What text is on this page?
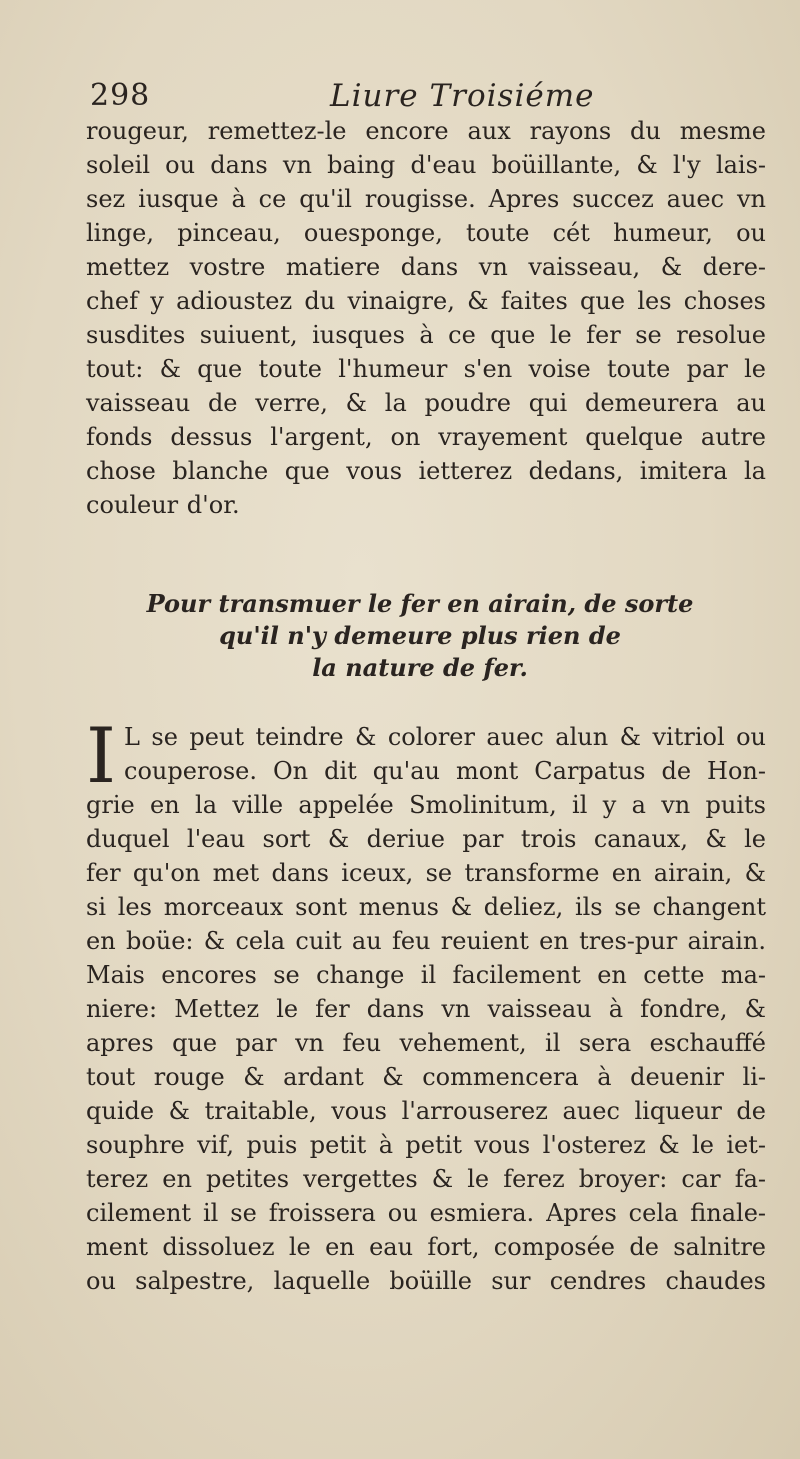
298	Liure Troisiéme
rougeur, remettez-le encore aux rayons du mesme
soleil ou dans vn baing d'eau boüillante, & l'y lais-
sez iusque à ce qu'il rougisse. Apres succez auec vn
linge, pinceau, ouesponge, toute cét humeur, ou
mettez vostre matiere dans vn vaisseau, & dere-
chef y adioustez du vinaigre, & faites que les choses
susdites suiuent, iusques à ce que le fer se resolue
tout: & que toute l'humeur s'en voise toute par le
vaisseau de verre, & la poudre qui demeurera au
fonds dessus l'argent, on vrayement quelque autre
chose blanche que vous ietterez dedans, imitera la
couleur d'or.
Pour transmuer le fer en airain, de sorte
qu'il n'y demeure plus rien de
la nature de fer.
I L se peut teindre & colorer auec alun & vitriol ou
couperose. On dit qu'au mont Carpatus de Hon-
grie en la ville appelée Smolinitum, il y a vn puits
duquel l'eau sort & deriue par trois canaux, & le
fer qu'on met dans iceux, se transforme en airain, &
si les morceaux sont menus & deliez, ils se changent
en boüe: & cela cuit au feu reuient en tres-pur airain.
Mais encores se change il facilement en cette ma-
niere: Mettez le fer dans vn vaisseau à fondre, &
apres que par vn feu vehement, il sera eschauffé
tout rouge & ardant & commencera à deuenir li-
quide & traitable, vous l'arrouserez auec liqueur de
souphre vif, puis petit à petit vous l'osterez & le iet-
terez en petites vergettes & le ferez broyer: car fa-
cilement il se froissera ou esmiera. Apres cela finale-
ment dissoluez le en eau fort, composée de salnitre
ou salpestre, laquelle boüille sur cendres chaudes
